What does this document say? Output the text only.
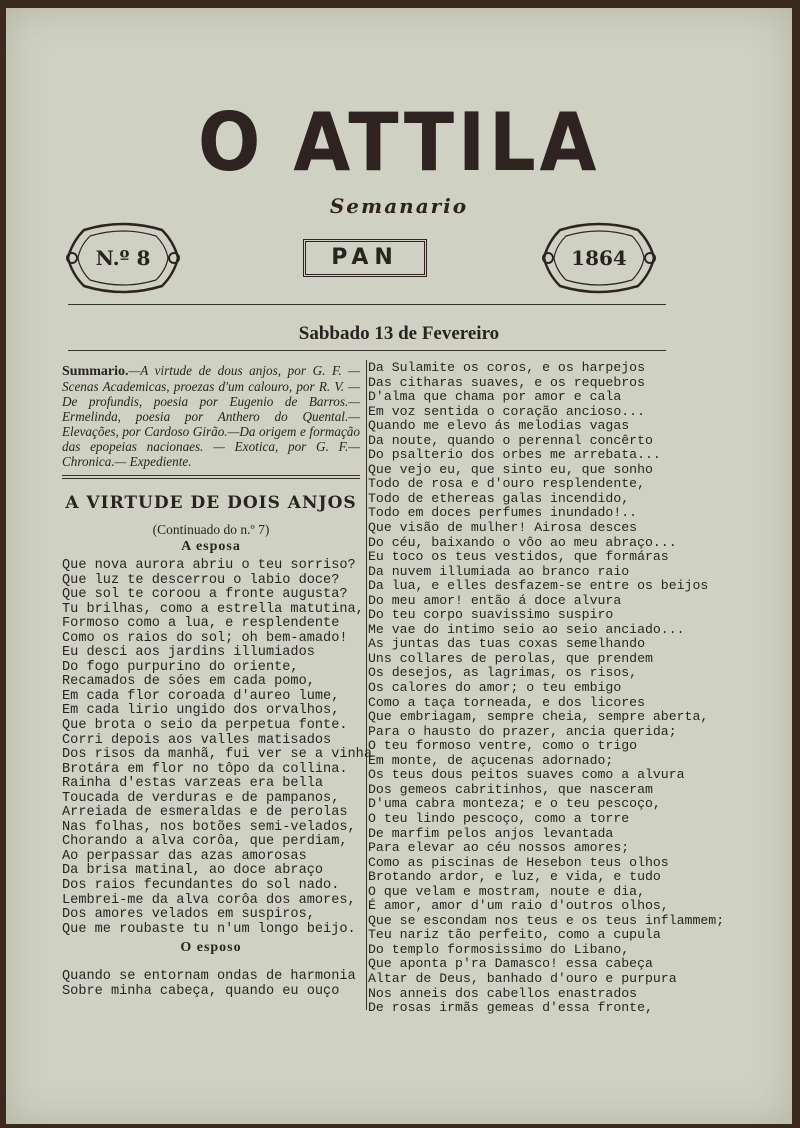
O ATTILA
Semanario
N.º 8	PAN	1864
Sabbado 13 de Fevereiro
Summario.—A virtude de dous anjos, por G. F. — Scenas Academicas, proezas d'um calouro, por R. V. — De profundis, poesia por Eugenio de Barros.— Ermelinda, poesia por Anthero do Quental.— Elevações, por Cardoso Girão.—Da origem e formação das epopeias nacionaes. — Exotica, por G. F.— Chronica.— Expediente.
A VIRTUDE DE DOIS ANJOS
(Continuado do n.º 7)
A esposa
Que nova aurora abriu o teu sorriso?
Que luz te descerrou o labio doce?
Que sol te coroou a fronte augusta?
Tu brilhas, como a estrella matutina,
Formoso como a lua, e resplendente
Como os raios do sol; oh bem-amado!
Eu desci aos jardins illumiados
Do fogo purpurino do oriente,
Recamados de sóes em cada pomo,
Em cada flor coroada d'aureo lume,
Em cada lirio ungido dos orvalhos,
Que brota o seio da perpetua fonte.
Corri depois aos valles matisados
Dos risos da manhã, fui ver se a vinha
Brotára em flor no tôpo da collina.
Rainha d'estas varzeas era bella
Toucada de verduras e de pampanos,
Arreiada de esmeraldas e de perolas
Nas folhas, nos botões semi-velados,
Chorando a alva corôa, que perdiam,
Ao perpassar das azas amorosas
Da brisa matinal, ao doce abraço
Dos raios fecundantes do sol nado.
Lembrei-me da alva corôa dos amores,
Dos amores velados em suspiros,
Que me roubaste tu n'um longo beijo.
O esposo
Quando se entornam ondas de harmonia
Sobre minha cabeça, quando eu ouço
Da Sulamite os coros, e os harpejos
Das citharas suaves, e os requebros
D'alma que chama por amor e cala
Em voz sentida o coração ancioso...
Quando me elevo ás melodias vagas
Da noute, quando o perennal concêrto
Do psalterio dos orbes me arrebata...
Que vejo eu, que sinto eu, que sonho
Todo de rosa e d'ouro resplendente,
Todo de ethereas galas incendido,
Todo em doces perfumes inundado!..
Que visão de mulher! Airosa desces
Do céu, baixando o vôo ao meu abraço...
Eu toco os teus vestidos, que formáras
Da nuvem illumiada ao branco raio
Da lua, e elles desfazem-se entre os beijos
Do meu amor! então á doce alvura
Do teu corpo suavissimo suspiro
Me vae do intimo seio ao seio anciado...
As juntas das tuas coxas semelhando
Uns collares de perolas, que prendem
Os desejos, as lagrimas, os risos,
Os calores do amor; o teu embigo
Como a taça torneada, e dos licores
Que embriagam, sempre cheia, sempre aberta,
Para o hausto do prazer, ancia querida;
O teu formoso ventre, como o trigo
Em monte, de açucenas adornado;
Os teus dous peitos suaves como a alvura
Dos gemeos cabritinhos, que nasceram
D'uma cabra monteza; e o teu pescoço,
O teu lindo pescoço, como a torre
De marfim pelos anjos levantada
Para elevar ao céu nossos amores;
Como as piscinas de Hesebon teus olhos
Brotando ardor, e luz, e vida, e tudo
O que velam e mostram, noute e dia,
É amor, amor d'um raio d'outros olhos,
Que se escondam nos teus e os teus inflammem;
Teu nariz tão perfeito, como a cupula
Do templo formosissimo do Libano,
Que aponta p'ra Damasco! essa cabeça
Altar de Deus, banhado d'ouro e purpura
Nos anneis dos cabellos enastrados
De rosas irmãs gemeas d'essa fronte,
